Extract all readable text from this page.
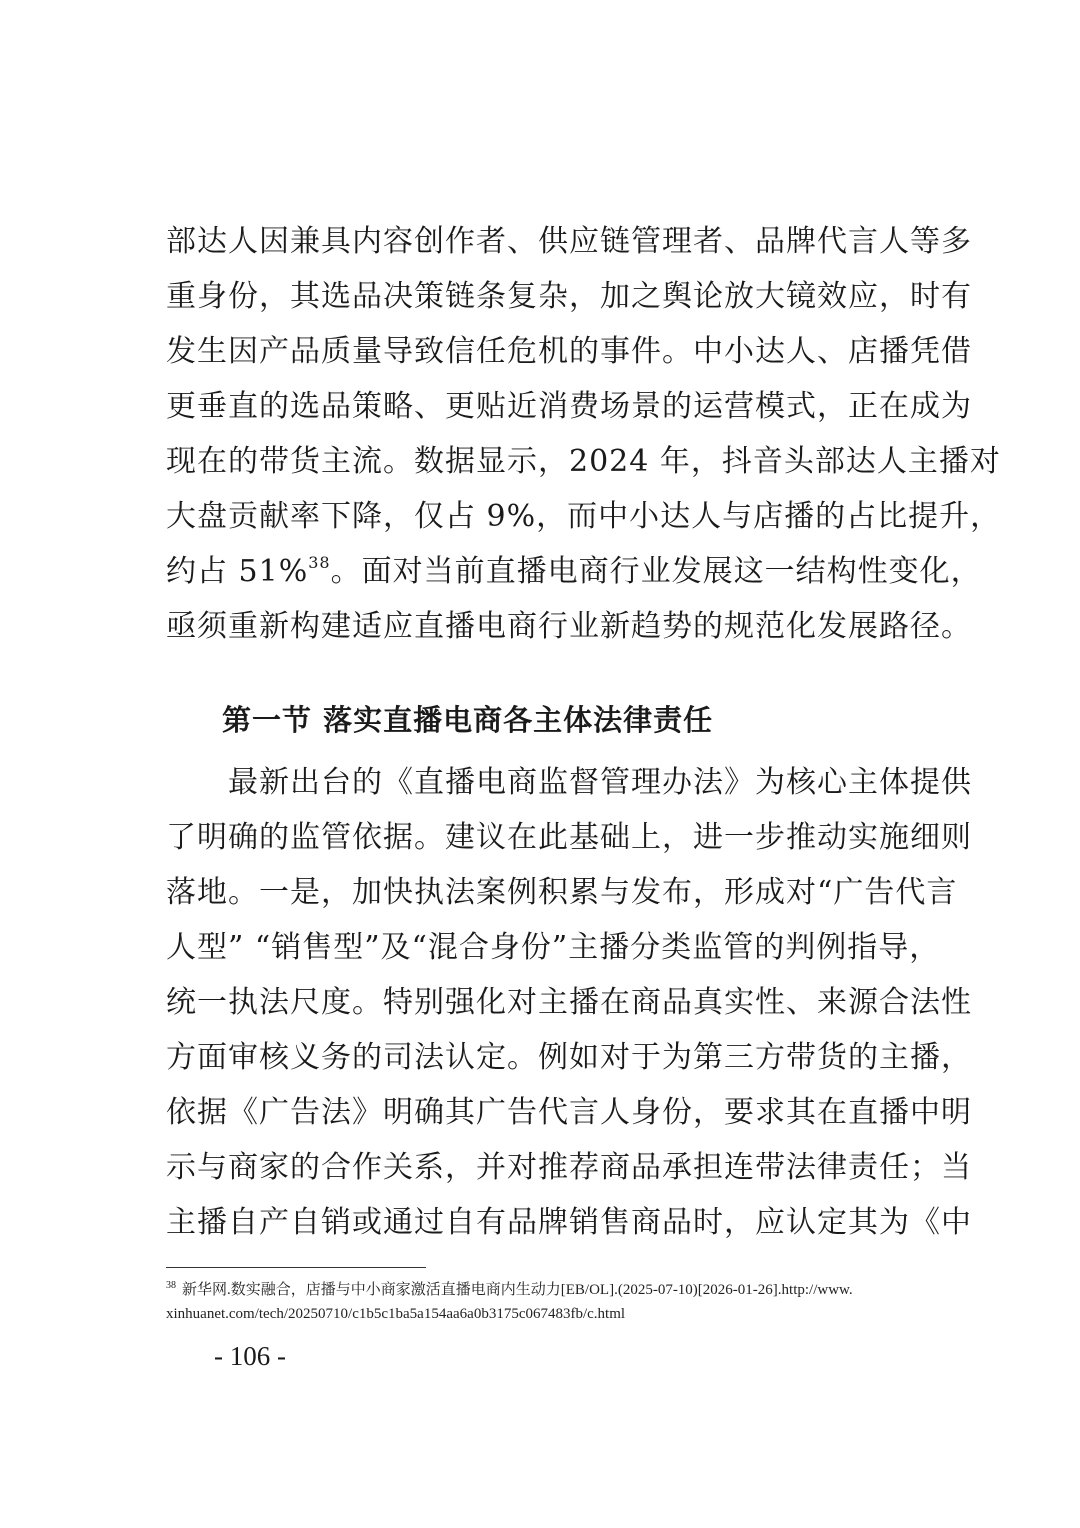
部达人因兼具内容创作者、供应链管理者、品牌代言人等多
重身份，其选品决策链条复杂，加之舆论放大镜效应，时有
发生因产品质量导致信任危机的事件。中小达人、店播凭借
更垂直的选品策略、更贴近消费场景的运营模式，正在成为
现在的带货主流。数据显示，2024 年，抖音头部达人主播对
大盘贡献率下降，仅占 9%，而中小达人与店播的占比提升，
约占 51%$^{38}$。面对当前直播电商行业发展这一结构性变化，
亟须重新构建适应直播电商行业新趋势的规范化发展路径。
第一节 落实直播电商各主体法律责任
　　最新出台的《直播电商监督管理办法》为核心主体提供
了明确的监管依据。建议在此基础上，进一步推动实施细则
落地。一是，加快执法案例积累与发布，形成对“广告代言
人型” “销售型”及“混合身份”主播分类监管的判例指导，
统一执法尺度。特别强化对主播在商品真实性、来源合法性
方面审核义务的司法认定。例如对于为第三方带货的主播，
依据《广告法》明确其广告代言人身份，要求其在直播中明
示与商家的合作关系，并对推荐商品承担连带法律责任；当
主播自产自销或通过自有品牌销售商品时，应认定其为《中
$^{38}$ 新华网.数实融合，店播与中小商家激活直播电商内生动力[EB/OL].(2025-07-10)[2026-01-26].http://www.
xinhuanet.com/tech/20250710/c1b5c1ba5a154aa6a0b3175c067483fb/c.html
- 106 -
